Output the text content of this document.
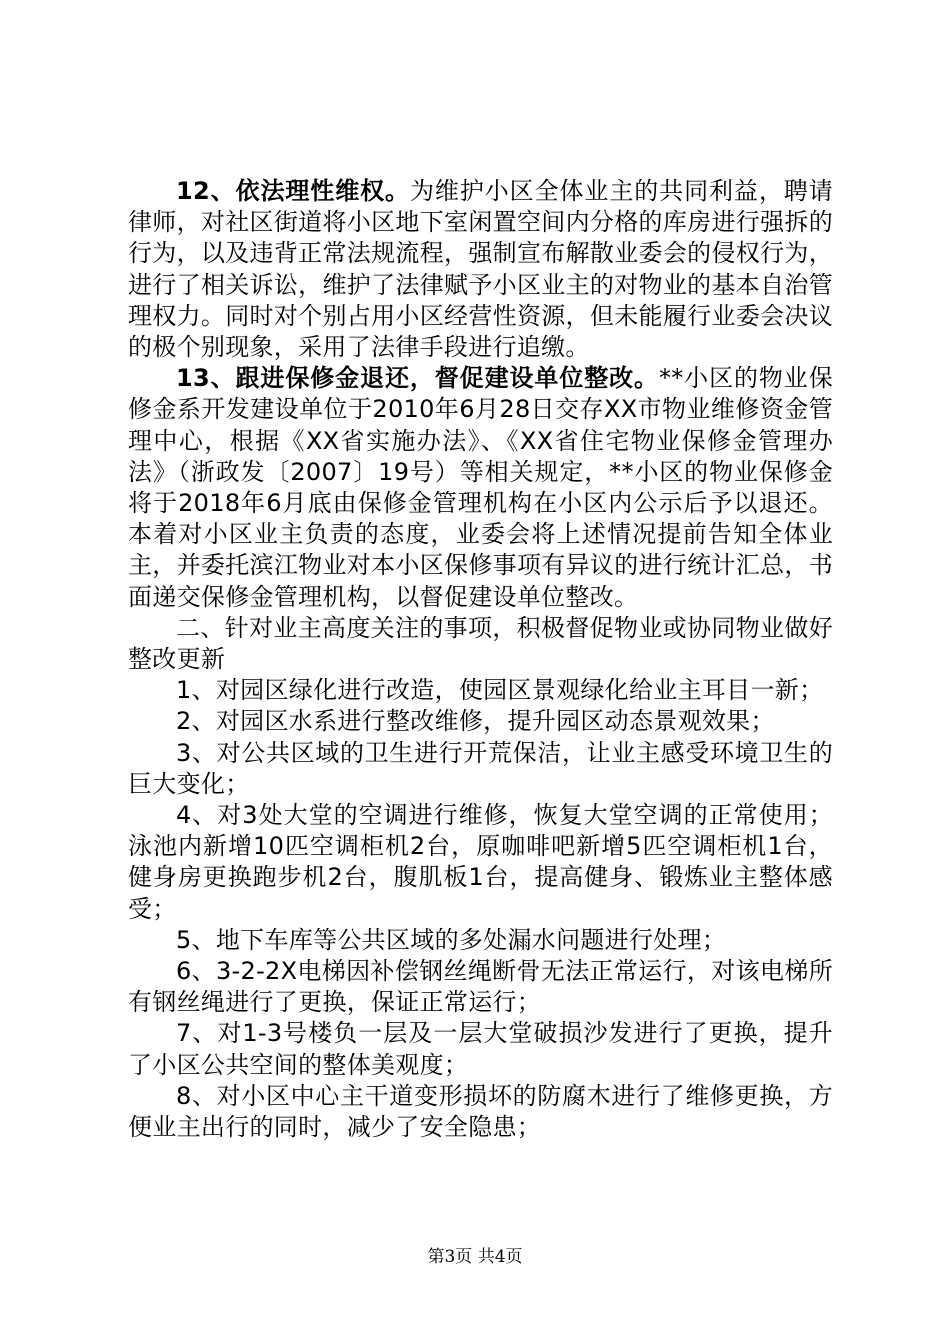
12、依法理性维权。为维护小区全体业主的共同利益，聘请律师，对社区街道将小区地下室闲置空间内分格的库房进行强拆的行为，以及违背正常法规流程，强制宣布解散业委会的侵权行为，进行了相关诉讼，维护了法律赋予小区业主的对物业的基本自治管理权力。同时对个别占用小区经营性资源，但未能履行业委会决议的极个别现象，采用了法律手段进行追缴。

13、跟进保修金退还，督促建设单位整改。**小区的物业保修金系开发建设单位于2010年6月28日交存XX市物业维修资金管理中心，根据《XX省实施办法》、《XX省住宅物业保修金管理办法》（浙政发〔2007〕19号）等相关规定，**小区的物业保修金将于2018年6月底由保修金管理机构在小区内公示后予以退还。本着对小区业主负责的态度，业委会将上述情况提前告知全体业主，并委托滨江物业对本小区保修事项有异议的进行统计汇总，书面递交保修金管理机构，以督促建设单位整改。

二、针对业主高度关注的事项，积极督促物业或协同物业做好整改更新

1、对园区绿化进行改造，使园区景观绿化给业主耳目一新；

2、对园区水系进行整改维修，提升园区动态景观效果；

3、对公共区域的卫生进行开荒保洁，让业主感受环境卫生的巨大变化；

4、对3处大堂的空调进行维修，恢复大堂空调的正常使用；泳池内新增10匹空调柜机2台，原咖啡吧新增5匹空调柜机1台，健身房更换跑步机2台，腹肌板1台，提高健身、锻炼业主整体感受；

5、地下车库等公共区域的多处漏水问题进行处理；

6、3-2-2X电梯因补偿钢丝绳断骨无法正常运行，对该电梯所有钢丝绳进行了更换，保证正常运行；

7、对1-3号楼负一层及一层大堂破损沙发进行了更换，提升了小区公共空间的整体美观度；

8、对小区中心主干道变形损坏的防腐木进行了维修更换，方便业主出行的同时，减少了安全隐患；

第3页 共4页
